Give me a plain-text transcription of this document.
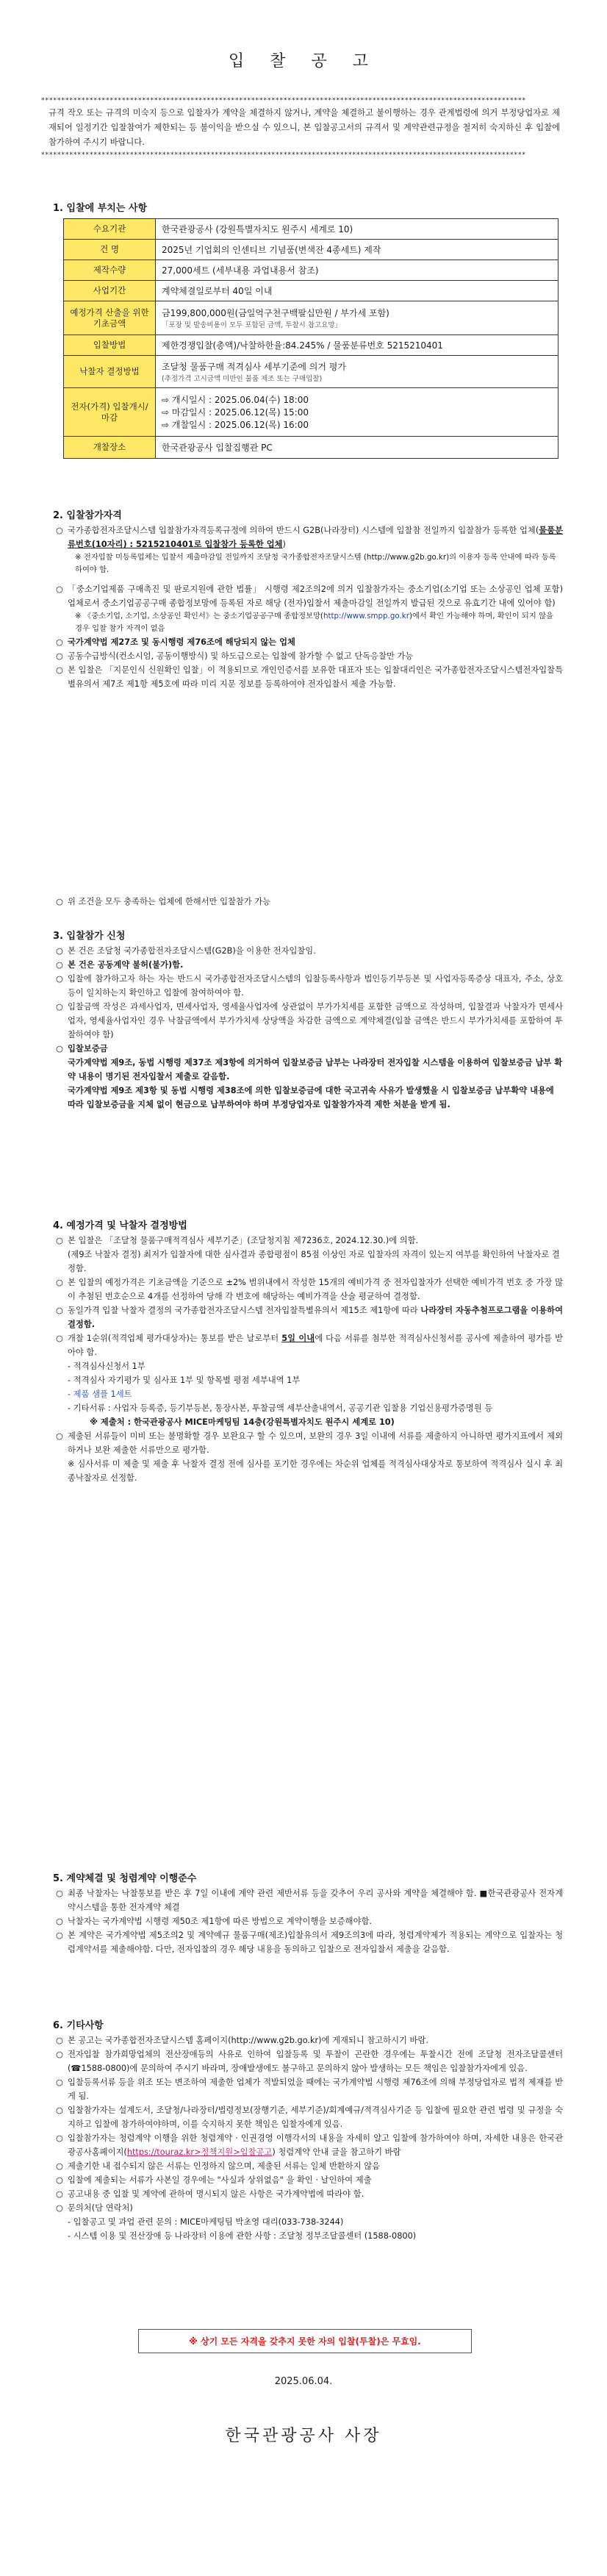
입 찰 공 고
************************************************************************************************************************
규격 작오 또는 규격의 미숙지 등으로 입찰자가 계약을 체결하지 않거나, 계약을 체결하고 불이행하는 경우 관계법령에 의거 부정당업자로 제재되어 일정기간 입찰참여가 제한되는 등 불이익을 받으실 수 있으니, 본 입찰공고서의 규격서 및 계약관련규정을 철저히 숙지하신 후 입찰에 참가하여 주시기 바랍니다.
************************************************************************************************************************
1. 입찰에 부치는 사항
수요기관	한국관광공사 (강원특별자치도 원주시 세계로 10)
건 명	2025년 기업회의 인센티브 기념품(변색잔 4종세트) 제작
제작수량	27,000세트 (세부내용 과업내용서 참조)
사업기간	계약체결일로부터 40일 이내
예정가격 산출을 위한 기초금액	금199,800,000원(금일억구천구백팔십만원 / 부가세 포함)
「포장 및 발송비용이 모두 포함된 금액, 투찰시 참고요망」

입찰방법	제한경쟁입찰(총액)/낙찰하한율:84.245% / 물품분류번호 5215210401
낙찰자 결정방법	조달청 물품구매 적격심사 세부기준에 의거 평가
(추정가격 고시금액 미만인 물품 제조 또는 구매입찰)

전자(가격) 입찰개시/마감	⇨ 개시일시 : 2025.06.04(수) 18:00
⇨ 마감일시 : 2025.06.12(목) 15:00
⇨ 개찰일시 : 2025.06.12(목) 16:00

개찰장소	한국관광공사 입찰집행관 PC
2. 입찰참가자격
○ 국가종합전자조달시스템 입찰참가자격등록규정에 의하여 반드시 G2B(나라장터) 시스템에 입찰참 전일까지 입찰참가 등록한 업체(물품분류번호(10자리) : 5215210401로 입찰참가 등록한 업체)
※ 전자입찰 미등록업체는 입찰서 제출마감일 전일까지 조달청 국가종합전자조달시스템 (http://www.g2b.go.kr)의 이용자 등록 안내에 따라 등록하여야 함.
○ 「중소기업제품 구매촉진 및 판로지원에 관한 법률」 시행령 제2조의2에 의거 입찰참가자는 중소기업(소기업 또는 소상공인 업체 포함)업체로서 중소기업공공구매 종합정보망에 등록된 자로 해당 (전자)입찰서 제출마감일 전일까지 발급된 것으로 유효기간 내에 있어야 함)
※ 《중소기업, 소기업, 소상공인 확인서》는 중소기업공공구매 종합정보망(http://www.smpp.go.kr)에서 확인 가능해야 하며, 확인이 되지 않을 경우 입찰 참가 자격이 없음
○ 국가계약법 제27조 및 동시행령 제76조에 해당되지 않는 업체
○ 공동수급방식(컨소시엄, 공동이행방식) 및 하도급으로는 입찰에 참가할 수 없고 단독응찰만 가능
○ 본 입찰은 「지문인식 신원확인 입찰」이 적용되므로 개인인증서를 보유한 대표자 또는 입찰대리인은 국가종합전자조달시스템전자입찰특별유의서 제7조 제1항 제5호에 따라 미리 지문 정보를 등록하여야 전자입찰서 제출 가능함.
○ 위 조건을 모두 충족하는 업체에 한해서만 입찰참가 가능
3. 입찰참가 신청
○ 본 건은 조달청 국가종합전자조달시스템(G2B)을 이용한 전자입찰임.
○ 본 건은 공동계약 불허(불가)함.
○ 입찰에 참가하고자 하는 자는 반드시 국가종합전자조달시스템의 입찰등록사항과 법인등기부등본 및 사업자등록증상 대표자, 주소, 상호 등이 일치하는지 확인하고 입찰에 참여하여야 함.
○ 입찰금액 작성은 과세사업자, 면세사업자, 영세율사업자에 상관없이 부가가치세를 포함한 금액으로 작성하며, 입찰결과 낙찰자가 면세사업자, 영세율사업자인 경우 낙찰금액에서 부가가치세 상당액을 차감한 금액으로 계약체결(입찰 금액은 반드시 부가가치세를 포함하여 투찰하여야 함)
○ 입찰보증금
국가계약법 제9조, 동법 시행령 제37조 제3항에 의거하여 입찰보증금 납부는 나라장터 전자입찰 시스템을 이용하여 입찰보증금 납부 확약 내용이 명기된 전자입찰서 제출로 갈음함.
국가계약법 제9조 제3항 및 동법 시행령 제38조에 의한 입찰보증금에 대한 국고귀속 사유가 발생했을 시 입찰보증금 납부확약 내용에 따라 입찰보증금을 지체 없이 현금으로 납부하여야 하며 부정당업자로 입찰참가자격 제한 처분을 받게 됨.
4. 예정가격 및 낙찰자 결정방법
○ 본 입찰은 「조달청 물품구매적격심사 세부기준」(조달청지침 제7236호, 2024.12.30.)에 의함.
(제9조 낙찰자 결정) 최저가 입찰자에 대한 심사결과 종합평점이 85점 이상인 자로 입찰자의 자격이 있는지 여부를 확인하여 낙찰자로 결정함.
○ 본 입찰의 예정가격은 기초금액을 기준으로 ±2% 범위내에서 작성한 15개의 예비가격 중 전자입찰자가 선택한 예비가격 번호 중 가장 많이 추첨된 번호순으로 4개를 선정하여 당해 각 번호에 해당하는 예비가격을 산술 평균하여 결정함.
○ 동일가격 입찰 낙찰자 결정의 국가종합전자조달시스템 전자입찰특별유의서 제15조 제1항에 따라 나라장터 자동추첨프로그램을 이용하여 결정함.
○ 개찰 1순위(적격업체 평가대상자)는 통보를 받은 날로부터 5일 이내에 다음 서류를 첨부한 적격심사신청서를 공사에 제출하여 평가를 받아야 함.
- 적격심사신청서 1부
- 적격심사 자기평가 및 심사표 1부 및 항목별 평점 세부내역 1부
- 제품 샘플 1세트
- 기타서류 : 사업자 등록증, 등기부등본, 통장사본, 투찰금액 세부산출내역서, 공공기관 입찰용 기업신용평가증명원 등
※ 제출처 : 한국관광공사 MICE마케팅팀 14층(강원특별자치도 원주시 세계로 10)
○ 제출된 서류들이 미비 또는 불명확할 경우 보완요구 할 수 있으며, 보완의 경우 3일 이내에 서류를 제출하지 아니하면 평가지표에서 제외하거나 보완 제출한 서류만으로 평가함.
※ 심사서류 미 제출 및 제출 후 낙찰자 결정 전에 심사를 포기한 경우에는 차순위 업체를 적격심사대상자로 통보하여 적격심사 실시 후 최종낙찰자로 선정함.
5. 계약체결 및 청렴계약 이행준수
○ 최종 낙찰자는 낙찰통보를 받은 후 7일 이내에 계약 관련 제반서류 등을 갖추어 우리 공사와 계약을 체결해야 함. ■한국관광공사 전자계약시스템을 통한 전자계약 체결
○ 낙찰자는 국가계약법 시행령 제50조 제1항에 따른 방법으로 계약이행을 보증해야함.
○ 본 계약은 국가계약법 제5조의2 및 계약예규 물품구매(제조)입찰유의서 제9조의3에 따라, 청렴계약제가 적용되는 계약으로 입찰자는 청렴계약서를 제출해야함. 다만, 전자입찰의 경우 해당 내용을 동의하고 입찰으로 전자입찰서 제출을 갈음함.
6. 기타사항
○ 본 공고는 국가종합전자조달시스템 홈페이지(http://www.g2b.go.kr)에 게재되니 참고하시기 바람.
○ 전자입찰 참가희망업체의 전산장애등의 사유로 인하여 입찰등록 및 투찰이 곤란한 경우에는 투찰시간 전에 조달청 전자조달콜센터(☎1588-0800)에 문의하여 주시기 바라며, 장애발생에도 불구하고 문의하지 않아 발생하는 모든 책임은 입찰참가자에게 있음.
○ 입찰등록서류 등을 위조 또는 변조하여 제출한 업체가 적발되었을 때에는 국가계약법 시행령 제76조에 의해 부정당업자로 법적 제재를 받게 됨.
○ 입찰참가자는 설계도서, 조달청/나라장터/법령정보(장행기준, 세부기준)/회계예규/적격심사기준 등 입찰에 필요한 관련 법령 및 규정을 숙지하고 입찰에 참가하여야하며, 이를 숙지하지 못한 책임은 입찰자에게 있음.
○ 입찰참가자는 청렴계약 이행을 위한 청렴계약 · 인권경영 이행각서의 내용을 자세히 알고 입찰에 참가하여야 하며, 자세한 내용은 한국관광공사홈페이지(https://touraz.kr>정책지원>입찰공고) 청렴계약 안내 글을 참고하기 바람
○ 제출기한 내 접수되지 않은 서류는 인정하지 않으며, 제출된 서류는 일체 반환하지 않음
○ 입찰에 제출되는 서류가 사본일 경우에는 "사실과 상위없음" 을 확인 · 날인하여 제출
○ 공고내용 중 입찰 및 계약에 관하여 명시되지 않은 사항은 국가계약법에 따라야 함.
○ 문의처(담 연락처)
- 입찰공고 및 과업 관련 문의 : MICE마케팅팀 박초영 대리(033-738-3244)
- 시스템 이용 및 전산장애 등 나라장터 이용에 관한 사항 : 조달청 정부조달콜센터 (1588-0800)
※ 상기 모든 자격을 갖추지 못한 자의 입찰(투찰)은 무효임.
2025.06.04.
한국관광공사 사장
